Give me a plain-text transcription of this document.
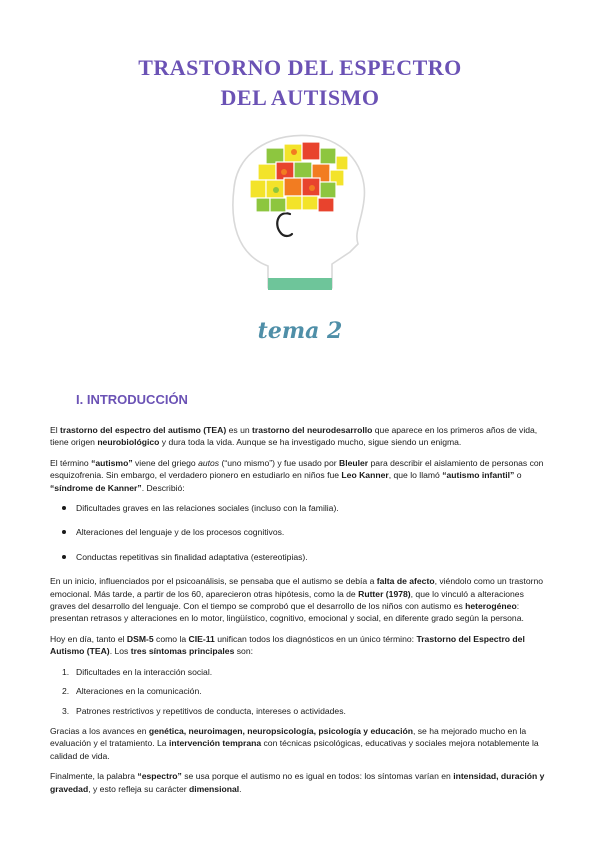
TRASTORNO DEL ESPECTRO
DEL AUTISMO
tema 2
I. INTRODUCCIÓN

El trastorno del espectro del autismo (TEA) es un trastorno del neurodesarrollo que aparece en los primeros años de vida, tiene origen neurobiológico y dura toda la vida. Aunque se ha investigado mucho, sigue siendo un enigma.

El término “autismo” viene del griego autos (“uno mismo”) y fue usado por Bleuler para describir el aislamiento de personas con esquizofrenia. Sin embargo, el verdadero pionero en estudiarlo en niños fue Leo Kanner, que lo llamó “autismo infantil” o “síndrome de Kanner”. Describió:

Dificultades graves en las relaciones sociales (incluso con la familia).
Alteraciones del lenguaje y de los procesos cognitivos.
Conductas repetitivas sin finalidad adaptativa (estereotipias).

En un inicio, influenciados por el psicoanálisis, se pensaba que el autismo se debía a falta de afecto, viéndolo como un trastorno emocional. Más tarde, a partir de los 60, aparecieron otras hipótesis, como la de Rutter (1978), que lo vinculó a alteraciones graves del desarrollo del lenguaje. Con el tiempo se comprobó que el desarrollo de los niños con autismo es heterogéneo: presentan retrasos y alteraciones en lo motor, lingüístico, cognitivo, emocional y social, en diferente grado según la persona.

Hoy en día, tanto el DSM-5 como la CIE-11 unifican todos los diagnósticos en un único término: Trastorno del Espectro del Autismo (TEA). Los tres síntomas principales son:

1. Dificultades en la interacción social.
2. Alteraciones en la comunicación.
3. Patrones restrictivos y repetitivos de conducta, intereses o actividades.

Gracias a los avances en genética, neuroimagen, neuropsicología, psicología y educación, se ha mejorado mucho en la evaluación y el tratamiento. La intervención temprana con técnicas psicológicas, educativas y sociales mejora notablemente la calidad de vida.

Finalmente, la palabra “espectro” se usa porque el autismo no es igual en todos: los síntomas varían en intensidad, duración y gravedad, y esto refleja su carácter dimensional.
